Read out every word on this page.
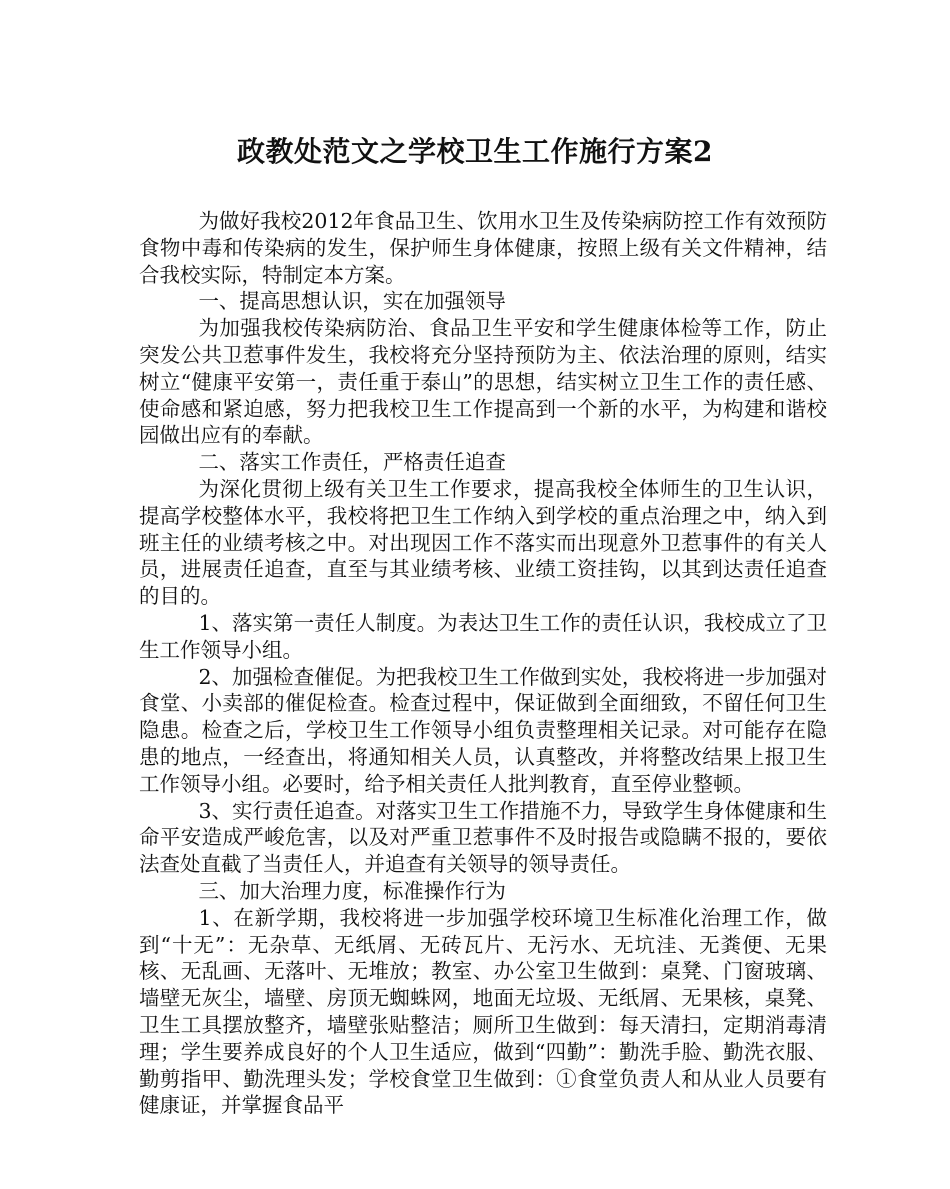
政教处范文之学校卫生工作施行方案2

为做好我校2012年食品卫生、饮用水卫生及传染病防控工作有效预防食物中毒和传染病的发生，保护师生身体健康，按照上级有关文件精神，结合我校实际，特制定本方案。

一、提高思想认识，实在加强领导

为加强我校传染病防治、食品卫生平安和学生健康体检等工作，防止突发公共卫惹事件发生，我校将充分坚持预防为主、依法治理的原则，结实树立“健康平安第一，责任重于泰山”的思想，结实树立卫生工作的责任感、使命感和紧迫感，努力把我校卫生工作提高到一个新的水平，为构建和谐校园做出应有的奉献。

二、落实工作责任，严格责任追查

为深化贯彻上级有关卫生工作要求，提高我校全体师生的卫生认识，提高学校整体水平，我校将把卫生工作纳入到学校的重点治理之中，纳入到班主任的业绩考核之中。对出现因工作不落实而出现意外卫惹事件的有关人员，进展责任追查，直至与其业绩考核、业绩工资挂钩，以其到达责任追查的目的。

1、落实第一责任人制度。为表达卫生工作的责任认识，我校成立了卫生工作领导小组。

2、加强检查催促。为把我校卫生工作做到实处，我校将进一步加强对食堂、小卖部的催促检查。检查过程中，保证做到全面细致，不留任何卫生隐患。检查之后，学校卫生工作领导小组负责整理相关记录。对可能存在隐患的地点，一经查出，将通知相关人员，认真整改，并将整改结果上报卫生工作领导小组。必要时，给予相关责任人批判教育，直至停业整顿。

3、实行责任追查。对落实卫生工作措施不力，导致学生身体健康和生命平安造成严峻危害，以及对严重卫惹事件不及时报告或隐瞒不报的，要依法查处直截了当责任人，并追查有关领导的领导责任。

三、加大治理力度，标准操作行为

1、在新学期，我校将进一步加强学校环境卫生标准化治理工作，做到“十无”：无杂草、无纸屑、无砖瓦片、无污水、无坑洼、无粪便、无果核、无乱画、无落叶、无堆放；教室、办公室卫生做到：桌凳、门窗玻璃、墙壁无灰尘，墙壁、房顶无蜘蛛网，地面无垃圾、无纸屑、无果核，桌凳、卫生工具摆放整齐，墙壁张贴整洁；厕所卫生做到：每天清扫，定期消毒清理；学生要养成良好的个人卫生适应，做到“四勤”：勤洗手脸、勤洗衣服、勤剪指甲、勤洗理头发；学校食堂卫生做到：①食堂负责人和从业人员要有健康证，并掌握食品平
